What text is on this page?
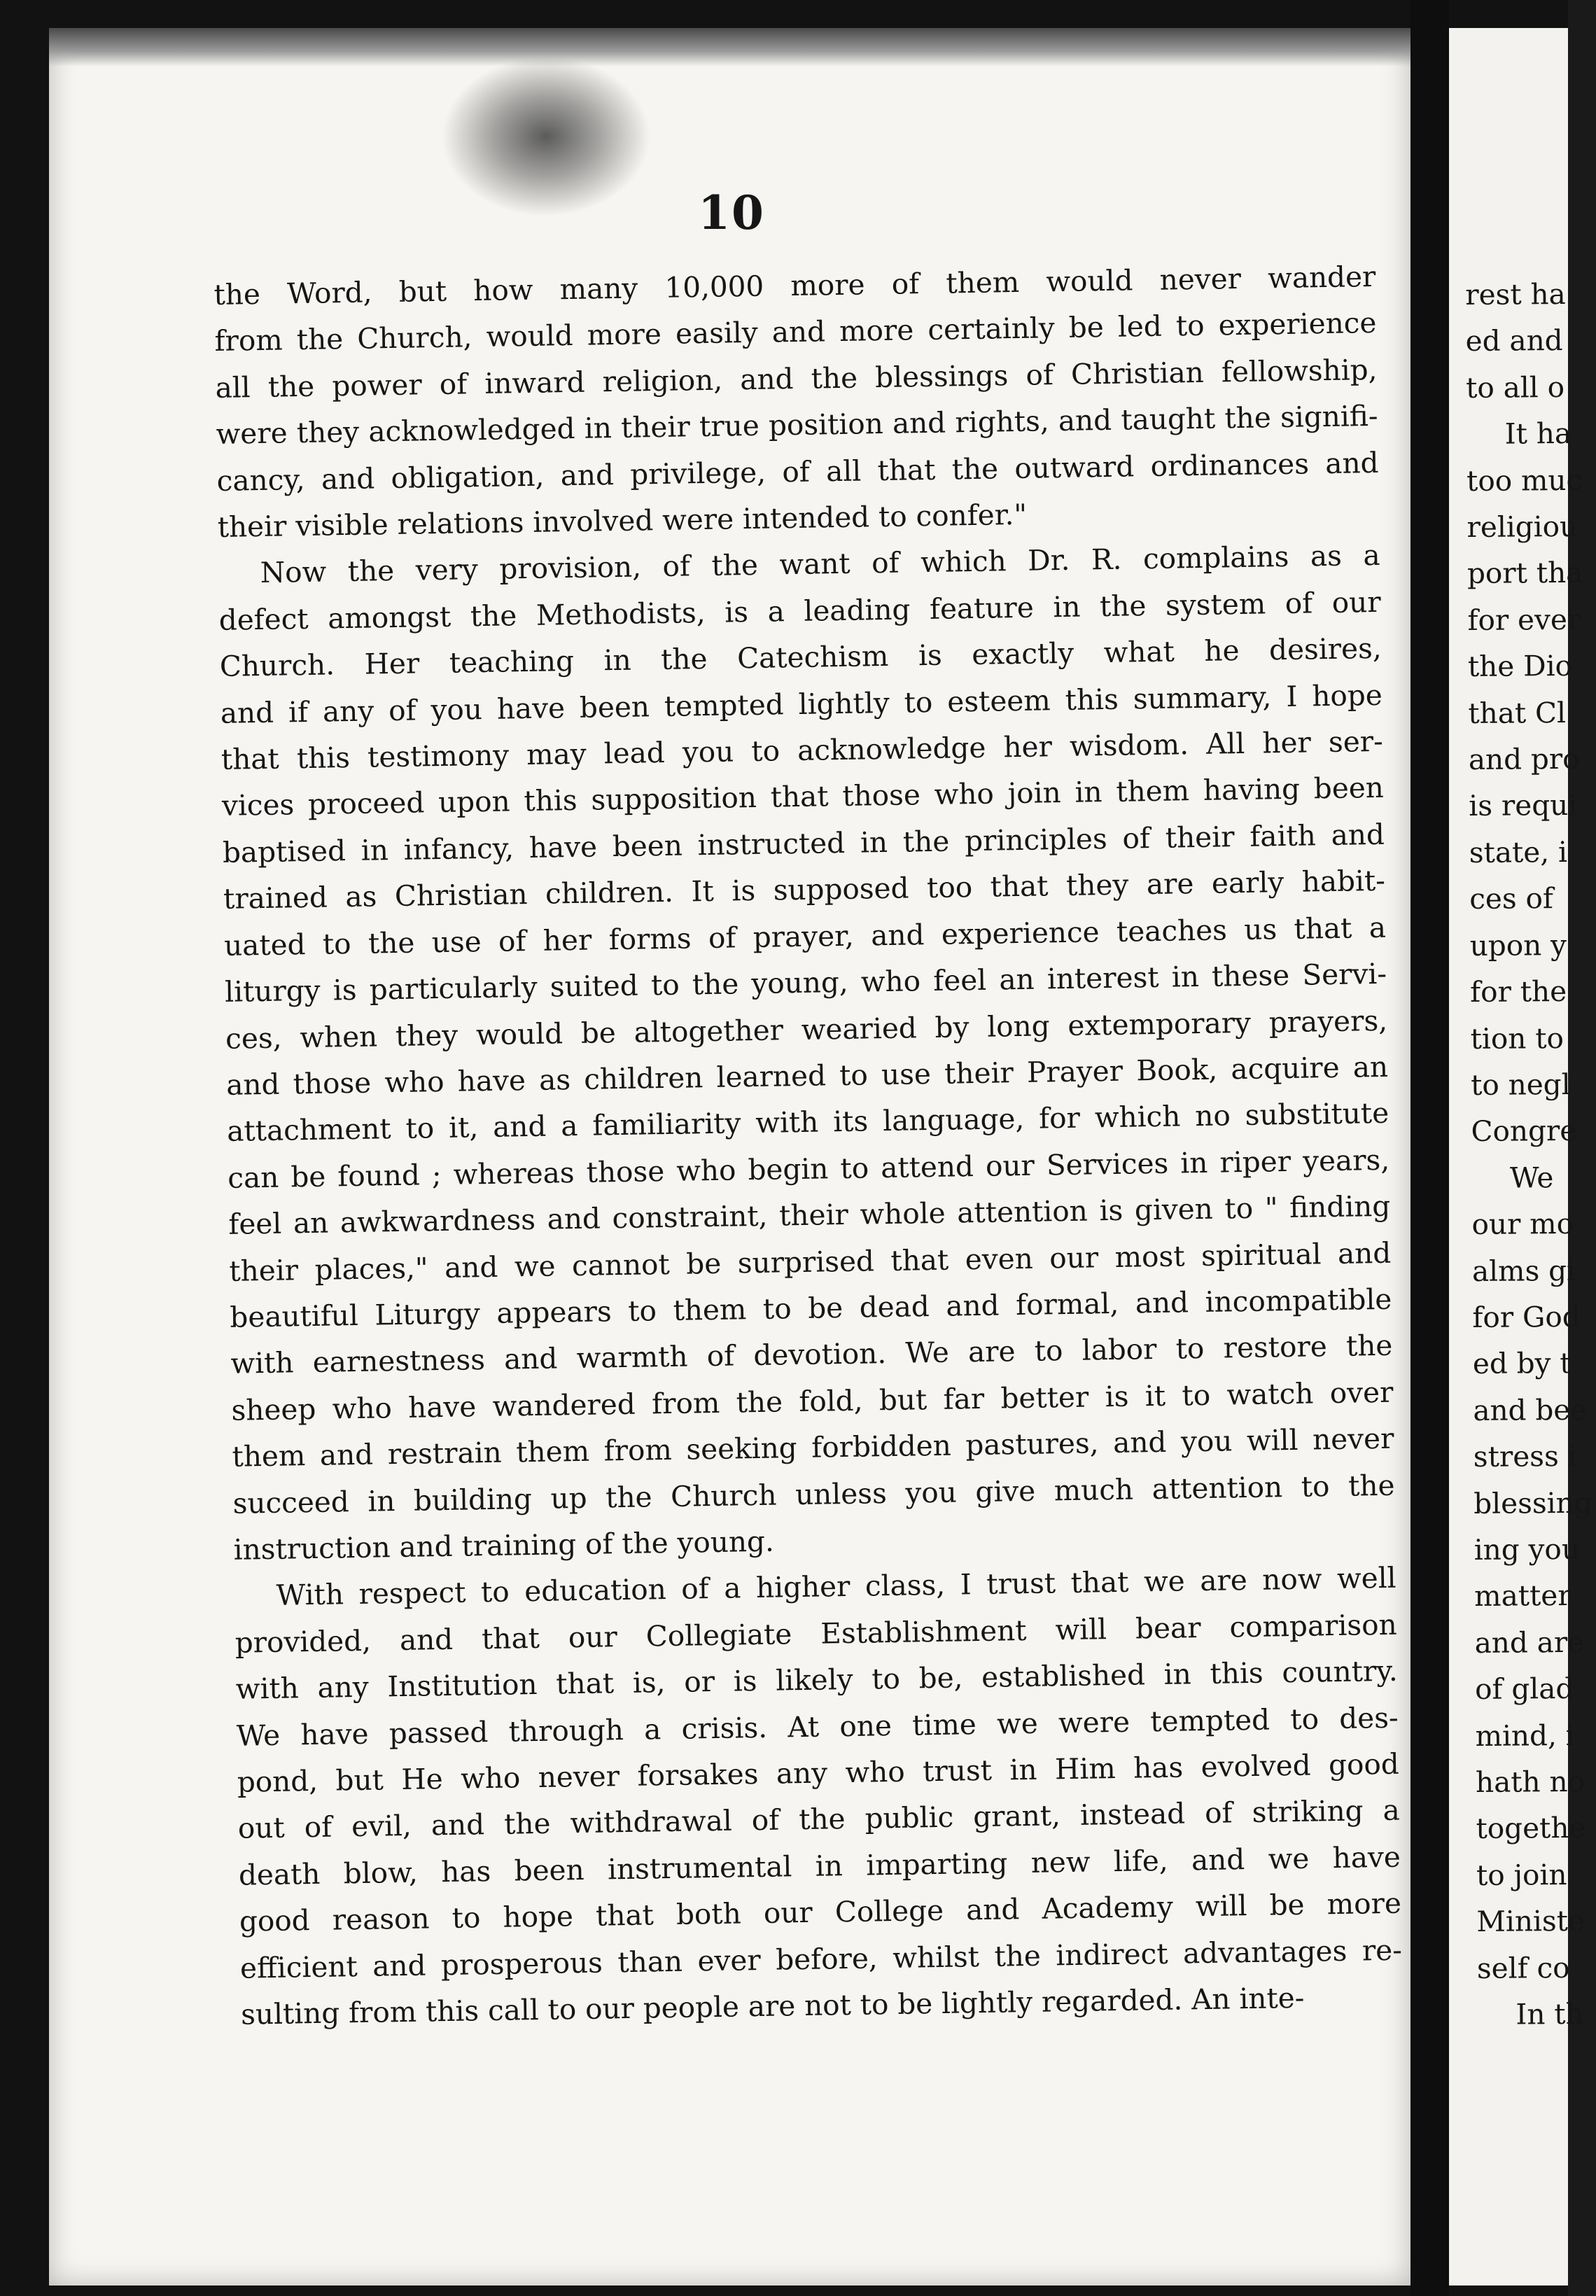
10
the Word, but how many 10,000 more of them would never wander
from the Church, would more easily and more certainly be led to experience
all the power of inward religion, and the blessings of Christian fellowship,
were they acknowledged in their true position and rights, and taught the signifi-
cancy, and obligation, and privilege, of all that the outward ordinances and
their visible relations involved were intended to confer."
Now the very provision, of the want of which Dr. R. complains as a
defect amongst the Methodists, is a leading feature in the system of our
Church. Her teaching in the Catechism is exactly what he desires,
and if any of you have been tempted lightly to esteem this summary, I hope
that this testimony may lead you to acknowledge her wisdom. All her ser-
vices proceed upon this supposition that those who join in them having been
baptised in infancy, have been instructed in the principles of their faith and
trained as Christian children. It is supposed too that they are early habit-
uated to the use of her forms of prayer, and experience teaches us that a
liturgy is particularly suited to the young, who feel an interest in these Servi-
ces, when they would be altogether wearied by long extemporary prayers,
and those who have as children learned to use their Prayer Book, acquire an
attachment to it, and a familiarity with its language, for which no substitute
can be found ; whereas those who begin to attend our Services in riper years,
feel an awkwardness and constraint, their whole attention is given to " finding
their places," and we cannot be surprised that even our most spiritual and
beautiful Liturgy appears to them to be dead and formal, and incompatible
with earnestness and warmth of devotion. We are to labor to restore the
sheep who have wandered from the fold, but far better is it to watch over
them and restrain them from seeking forbidden pastures, and you will never
succeed in building up the Church unless you give much attention to the
instruction and training of the young.
With respect to education of a higher class, I trust that we are now well
provided, and that our Collegiate Establishment will bear comparison
with any Institution that is, or is likely to be, established in this country.
We have passed through a crisis. At one time we were tempted to des-
pond, but He who never forsakes any who trust in Him has evolved good
out of evil, and the withdrawal of the public grant, instead of striking a
death blow, has been instrumental in imparting new life, and we have
good reason to hope that both our College and Academy will be more
efficient and prosperous than ever before, whilst the indirect advantages re-
sulting from this call to our people are not to be lightly regarded. An inte-
rest ha
ed and
to all o
It ha
too muc
religiou
port tha
for ever
the Dio
that Cl
and pro
is requi
state, i
ces of
upon y
for the
tion to
to negl
Congre
We
our mo
alms gi
for God
ed by t
and bee
stress i
blessing
ing you
matter
and are
of glad
mind, i
hath no
togethe
to join
Ministe
self co
In th
